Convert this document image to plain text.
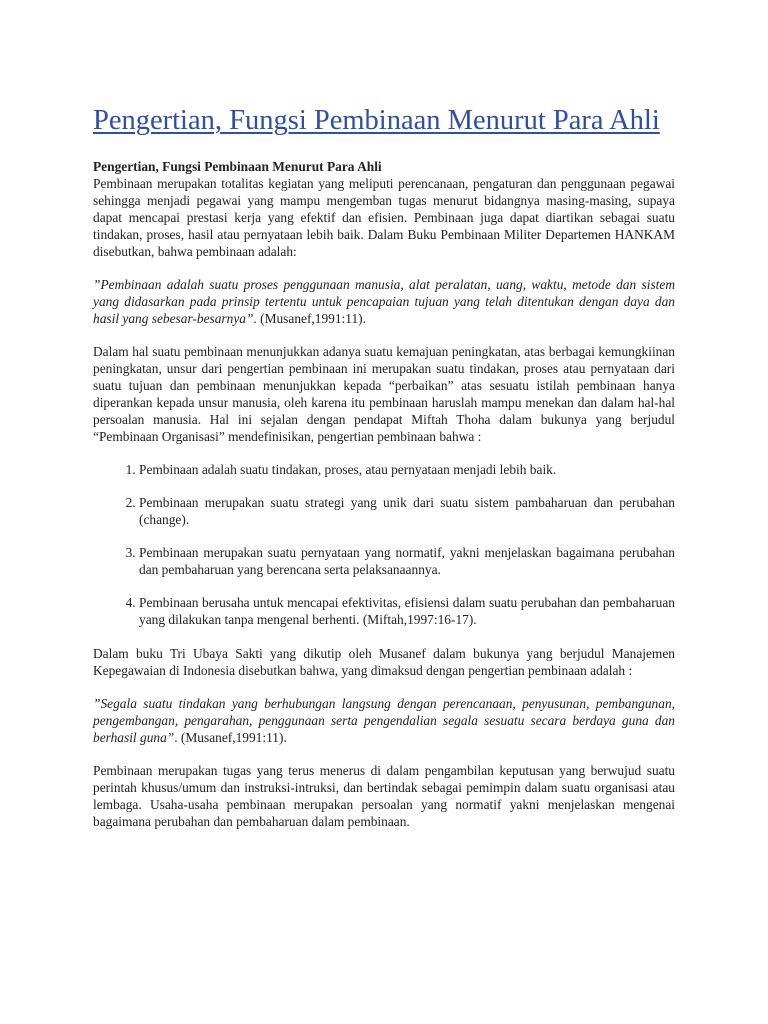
Pengertian, Fungsi Pembinaan Menurut Para Ahli
Pengertian, Fungsi Pembinaan Menurut Para Ahli

Pembinaan merupakan totalitas kegiatan yang meliputi perencanaan, pengaturan dan penggunaan pegawai sehingga menjadi pegawai yang mampu mengemban tugas menurut bidangnya masing-masing, supaya dapat mencapai prestasi kerja yang efektif dan efisien. Pembinaan juga dapat diartikan sebagai suatu tindakan, proses, hasil atau pernyataan lebih baik. Dalam Buku Pembinaan Militer Departemen HANKAM disebutkan, bahwa pembinaan adalah:

”Pembinaan adalah suatu proses penggunaan manusia, alat peralatan, uang, waktu, metode dan sistem yang didasarkan pada prinsip tertentu untuk pencapaian tujuan yang telah ditentukan dengan daya dan hasil yang sebesar-besarnya”. (Musanef,1991:11).

Dalam hal suatu pembinaan menunjukkan adanya suatu kemajuan peningkatan, atas berbagai kemungkiinan peningkatan, unsur dari pengertian pembinaan ini merupakan suatu tindakan, proses atau pernyataan dari suatu tujuan dan pembinaan menunjukkan kepada “perbaikan” atas sesuatu istilah pembinaan hanya diperankan kepada unsur manusia, oleh karena itu pembinaan haruslah mampu menekan dan dalam hal-hal persoalan manusia. Hal ini sejalan dengan pendapat Miftah Thoha dalam bukunya yang berjudul “Pembinaan Organisasi” mendefinisikan, pengertian pembinaan bahwa :

1. Pembinaan adalah suatu tindakan, proses, atau pernyataan menjadi lebih baik.
2. Pembinaan merupakan suatu strategi yang unik dari suatu sistem pambaharuan dan perubahan (change).
3. Pembinaan merupakan suatu pernyataan yang normatif, yakni menjelaskan bagaimana perubahan dan pembaharuan yang berencana serta pelaksanaannya.
4. Pembinaan berusaha untuk mencapai efektivitas, efisiensi dalam suatu perubahan dan pembaharuan yang dilakukan tanpa mengenal berhenti. (Miftah,1997:16-17).

Dalam buku Tri Ubaya Sakti yang dikutip oleh Musanef dalam bukunya yang berjudul Manajemen Kepegawaian di Indonesia disebutkan bahwa, yang dimaksud dengan pengertian pembinaan adalah :

”Segala suatu tindakan yang berhubungan langsung dengan perencanaan, penyusunan, pembangunan, pengembangan, pengarahan, penggunaan serta pengendalian segala sesuatu secara berdaya guna dan berhasil guna”. (Musanef,1991:11).

Pembinaan merupakan tugas yang terus menerus di dalam pengambilan keputusan yang berwujud suatu perintah khusus/umum dan instruksi-intruksi, dan bertindak sebagai pemimpin dalam suatu organisasi atau lembaga. Usaha-usaha pembinaan merupakan persoalan yang normatif yakni menjelaskan mengenai bagaimana perubahan dan pembaharuan dalam pembinaan.
